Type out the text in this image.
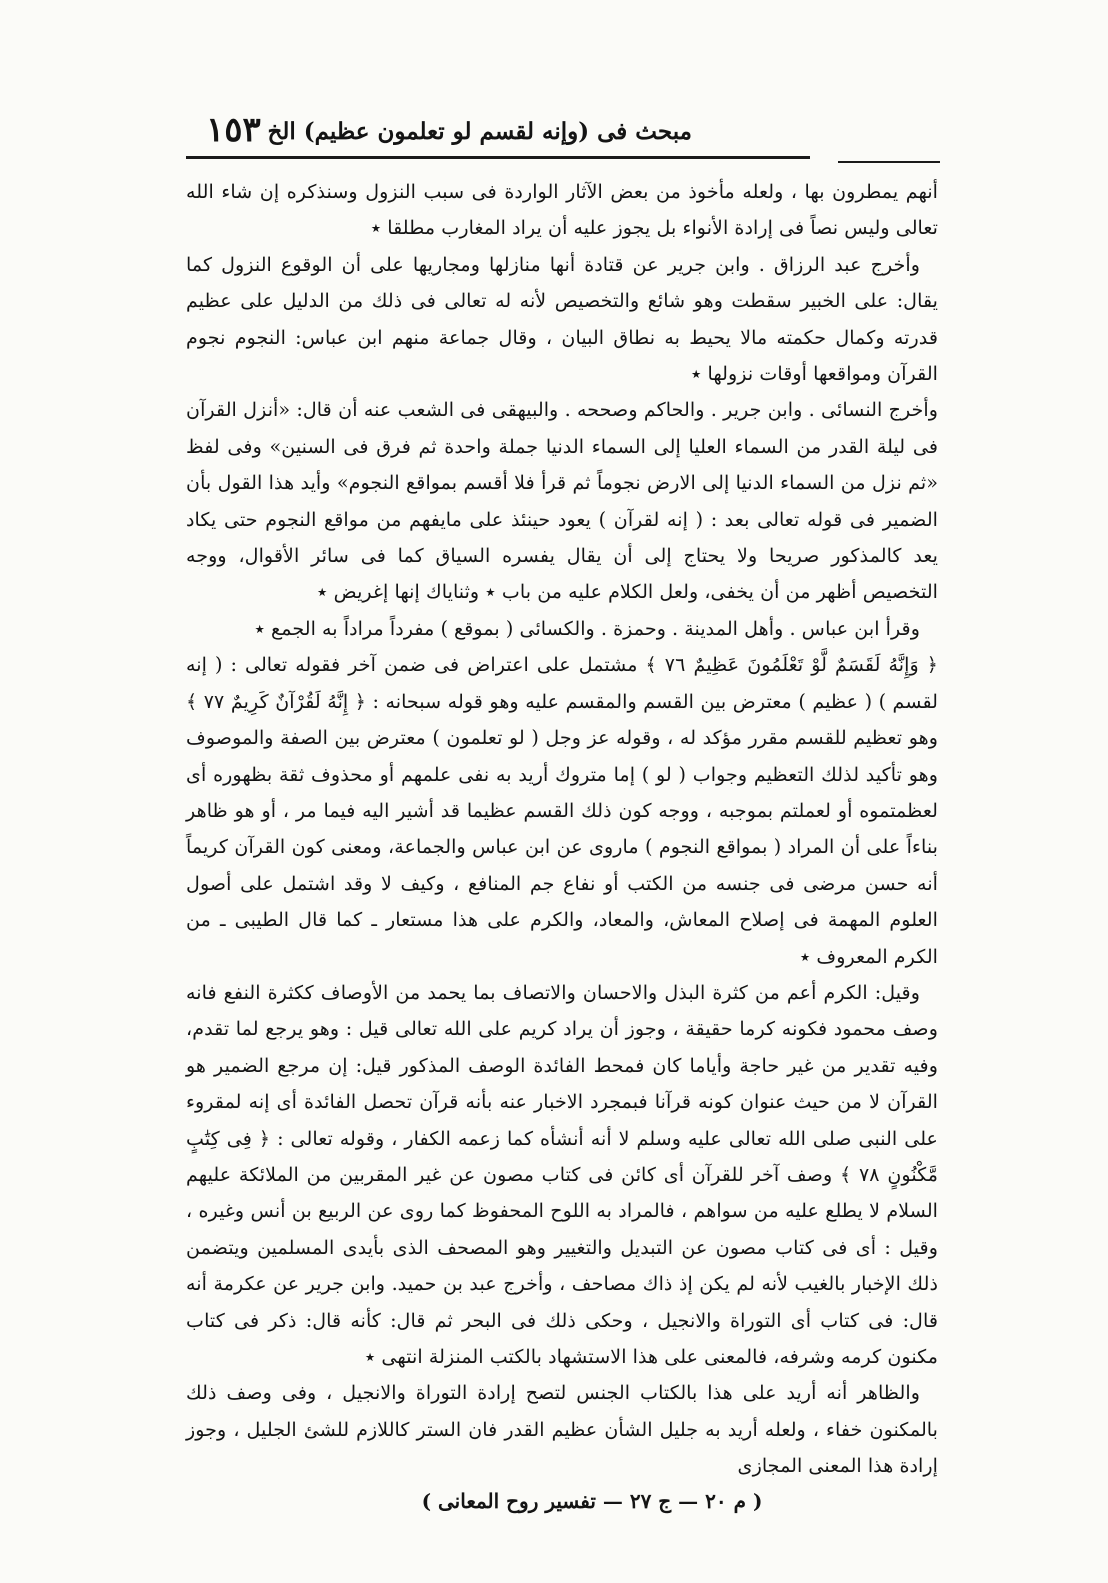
مبحث فى (وإنه لقسم لو تعلمون عظيم) الخ
١٥٣

أنهم يمطرون بها ، ولعله مأخوذ من بعض الآثار الواردة فى سبب النزول وسنذكره إن شاء الله تعالى وليس نصاً فى إرادة الأنواء بل يجوز عليه أن يراد المغارب مطلقا ٭

وأخرج عبد الرزاق . وابن جرير عن قتادة أنها منازلها ومجاريها على أن الوقوع النزول كما يقال: على الخبير سقطت وهو شائع والتخصيص لأنه له تعالى فى ذلك من الدليل على عظيم قدرته وكمال حكمته مالا يحيط به نطاق البيان ، وقال جماعة منهم ابن عباس: النجوم نجوم القرآن ومواقعها أوقات نزولها ٭

وأخرج النسائى . وابن جرير . والحاكم وصححه . والبيهقى فى الشعب عنه أن قال: «أنزل القرآن فى ليلة القدر من السماء العليا إلى السماء الدنيا جملة واحدة ثم فرق فى السنين» وفى لفظ «ثم نزل من السماء الدنيا إلى الارض نجوماً ثم قرأ فلا أقسم بمواقع النجوم» وأيد هذا القول بأن الضمير فى قوله تعالى بعد : ( إنه لقرآن ) يعود حينئذ على مايفهم من مواقع النجوم حتى يكاد يعد كالمذكور صريحا ولا يحتاج إلى أن يقال يفسره السياق كما فى سائر الأقوال، ووجه التخصيص أظهر من أن يخفى، ولعل الكلام عليه من باب ٭ وثناياك إنها إغريض ٭

وقرأ ابن عباس . وأهل المدينة . وحمزة . والكسائى ( بموقع ) مفرداً مراداً به الجمع ٭

﴿ وَإِنَّهُ لَقَسَمٌ لَّوْ تَعْلَمُونَ عَظِيمٌ ٧٦ ﴾ مشتمل على اعتراض فى ضمن آخر فقوله تعالى : ( إنه لقسم ) ( عظيم ) معترض بين القسم والمقسم عليه وهو قوله سبحانه : ﴿ إِنَّهُ لَقُرْآنٌ كَرِيمٌ ٧٧ ﴾ وهو تعظيم للقسم مقرر مؤكد له ، وقوله عز وجل ( لو تعلمون ) معترض بين الصفة والموصوف وهو تأكيد لذلك التعظيم وجواب ( لو ) إما متروك أريد به نفى علمهم أو محذوف ثقة بظهوره أى لعظمتموه أو لعملتم بموجبه ، ووجه كون ذلك القسم عظيما قد أشير اليه فيما مر ، أو هو ظاهر بناءاً على أن المراد ( بمواقع النجوم ) ماروى عن ابن عباس والجماعة، ومعنى كون القرآن كريماً أنه حسن مرضى فى جنسه من الكتب أو نفاع جم المنافع ، وكيف لا وقد اشتمل على أصول العلوم المهمة فى إصلاح المعاش، والمعاد، والكرم على هذا مستعار ـ كما قال الطيبى ـ من الكرم المعروف ٭

وقيل: الكرم أعم من كثرة البذل والاحسان والاتصاف بما يحمد من الأوصاف ككثرة النفع فانه وصف محمود فكونه كرما حقيقة ، وجوز أن يراد كريم على الله تعالى قيل : وهو يرجع لما تقدم، وفيه تقدير من غير حاجة وأياما كان فمحط الفائدة الوصف المذكور قيل: إن مرجع الضمير هو القرآن لا من حيث عنوان كونه قرآنا فبمجرد الاخبار عنه بأنه قرآن تحصل الفائدة أى إنه لمقروء على النبى صلى الله تعالى عليه وسلم لا أنه أنشأه كما زعمه الكفار ، وقوله تعالى : ﴿ فِى كِتَٰبٍ مَّكْنُونٍ ٧٨ ﴾ وصف آخر للقرآن أى كائن فى كتاب مصون عن غير المقربين من الملائكة عليهم السلام لا يطلع عليه من سواهم ، فالمراد به اللوح المحفوظ كما روى عن الربيع بن أنس وغيره ، وقيل : أى فى كتاب مصون عن التبديل والتغيير وهو المصحف الذى بأيدى المسلمين ويتضمن ذلك الإخبار بالغيب لأنه لم يكن إذ ذاك مصاحف ، وأخرج عبد بن حميد. وابن جرير عن عكرمة أنه قال: فى كتاب أى التوراة والانجيل ، وحكى ذلك فى البحر ثم قال: كأنه قال: ذكر فى كتاب مكنون كرمه وشرفه، فالمعنى على هذا الاستشهاد بالكتب المنزلة انتهى ٭

والظاهر أنه أريد على هذا بالكتاب الجنس لتصح إرادة التوراة والانجيل ، وفى وصف ذلك بالمكنون خفاء ، ولعله أريد به جليل الشأن عظيم القدر فان الستر كاللازم للشئ الجليل ، وجوز إرادة هذا المعنى المجازى

( م ٢٠ — ج ٢٧ — تفسير روح المعانى )
